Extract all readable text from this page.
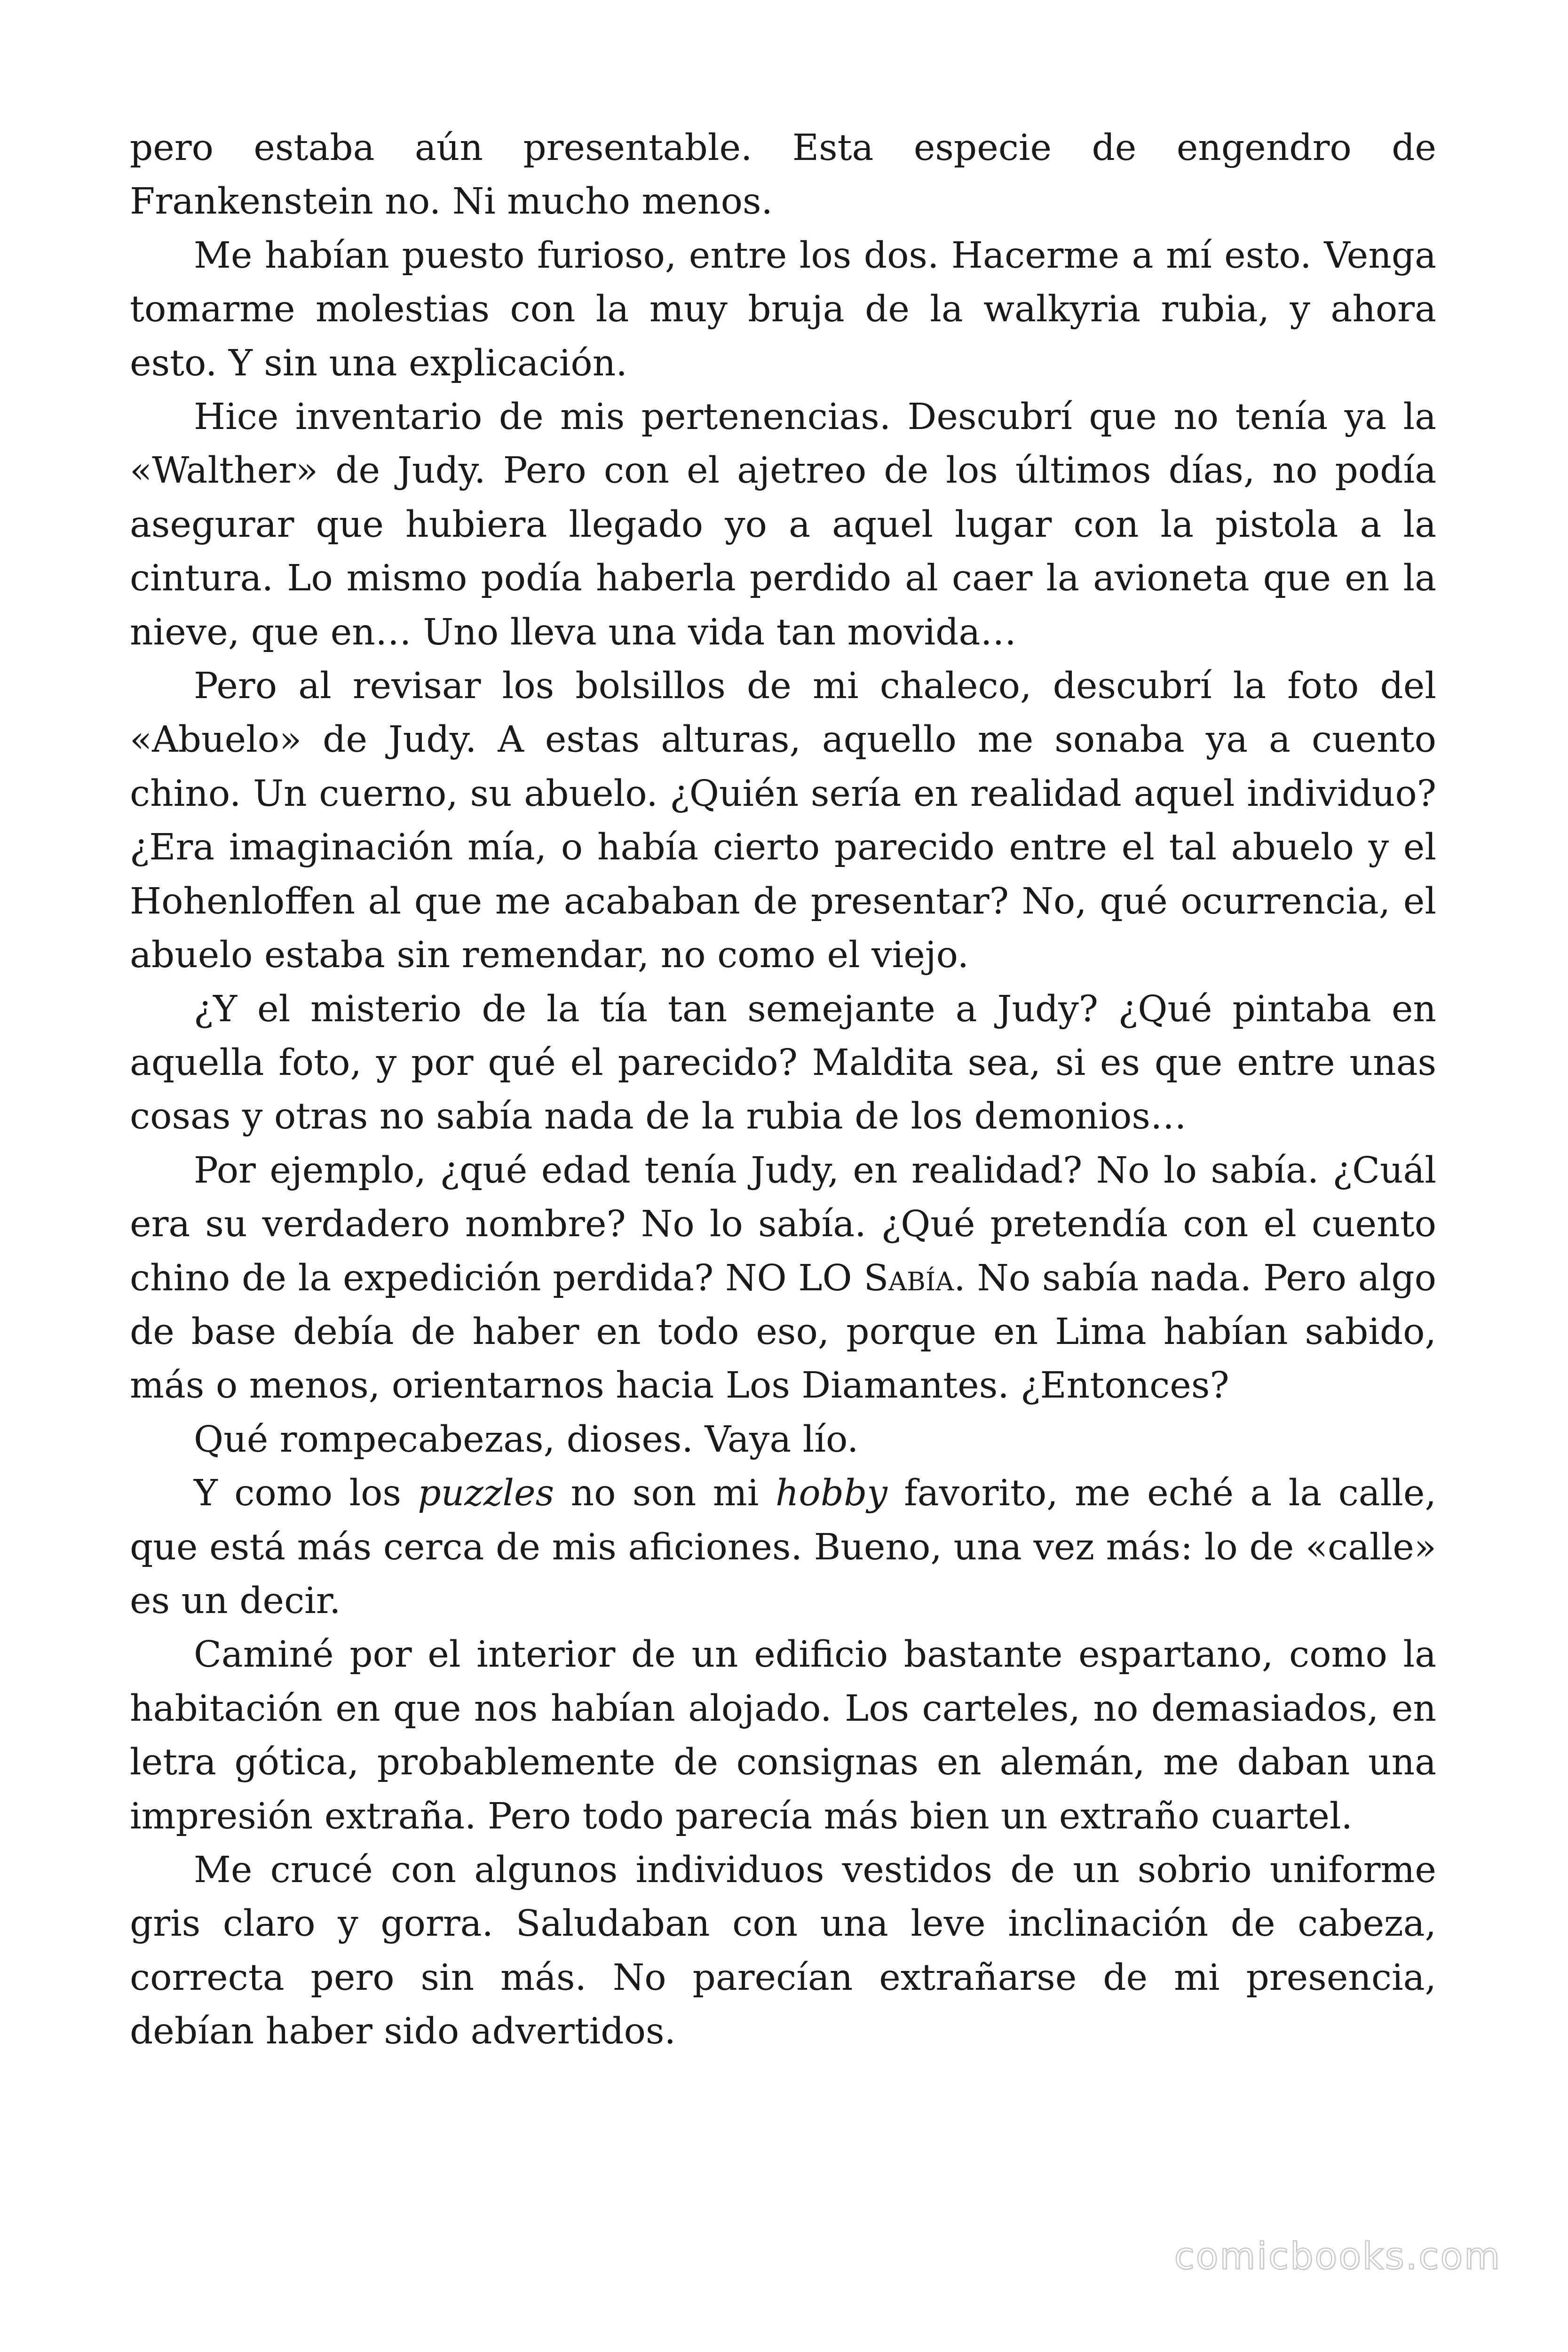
pero estaba aún presentable. Esta especie de engendro de Frankenstein no. Ni mucho menos.

Me habían puesto furioso, entre los dos. Hacerme a mí esto. Venga tomarme molestias con la muy bruja de la walkyria rubia, y ahora esto. Y sin una explicación.

Hice inventario de mis pertenencias. Descubrí que no tenía ya la «Walther» de Judy. Pero con el ajetreo de los últimos días, no podía asegurar que hubiera llegado yo a aquel lugar con la pistola a la cintura. Lo mismo podía haberla perdido al caer la avioneta que en la nieve, que en… Uno lleva una vida tan movida…

Pero al revisar los bolsillos de mi chaleco, descubrí la foto del «Abuelo» de Judy. A estas alturas, aquello me sonaba ya a cuento chino. Un cuerno, su abuelo. ¿Quién sería en realidad aquel individuo? ¿Era imaginación mía, o había cierto parecido entre el tal abuelo y el Hohenloffen al que me acababan de presentar? No, qué ocurrencia, el abuelo estaba sin remendar, no como el viejo.

¿Y el misterio de la tía tan semejante a Judy? ¿Qué pintaba en aquella foto, y por qué el parecido? Maldita sea, si es que entre unas cosas y otras no sabía nada de la rubia de los demonios…

Por ejemplo, ¿qué edad tenía Judy, en realidad? No lo sabía. ¿Cuál era su verdadero nombre? No lo sabía. ¿Qué pretendía con el cuento chino de la expedición perdida? NO LO Sabía. No sabía nada. Pero algo de base debía de haber en todo eso, porque en Lima habían sabido, más o menos, orientarnos hacia Los Diamantes. ¿Entonces?

Qué rompecabezas, dioses. Vaya lío.

Y como los puzzles no son mi hobby favorito, me eché a la calle, que está más cerca de mis aficiones. Bueno, una vez más: lo de «calle» es un decir.

Caminé por el interior de un edificio bastante espartano, como la habitación en que nos habían alojado. Los carteles, no demasiados, en letra gótica, probablemente de consignas en alemán, me daban una impresión extraña. Pero todo parecía más bien un extraño cuartel.

Me crucé con algunos individuos vestidos de un sobrio uniforme gris claro y gorra. Saludaban con una leve inclinación de cabeza, correcta pero sin más. No parecían extrañarse de mi presencia, debían haber sido advertidos.

comicbooks.com
